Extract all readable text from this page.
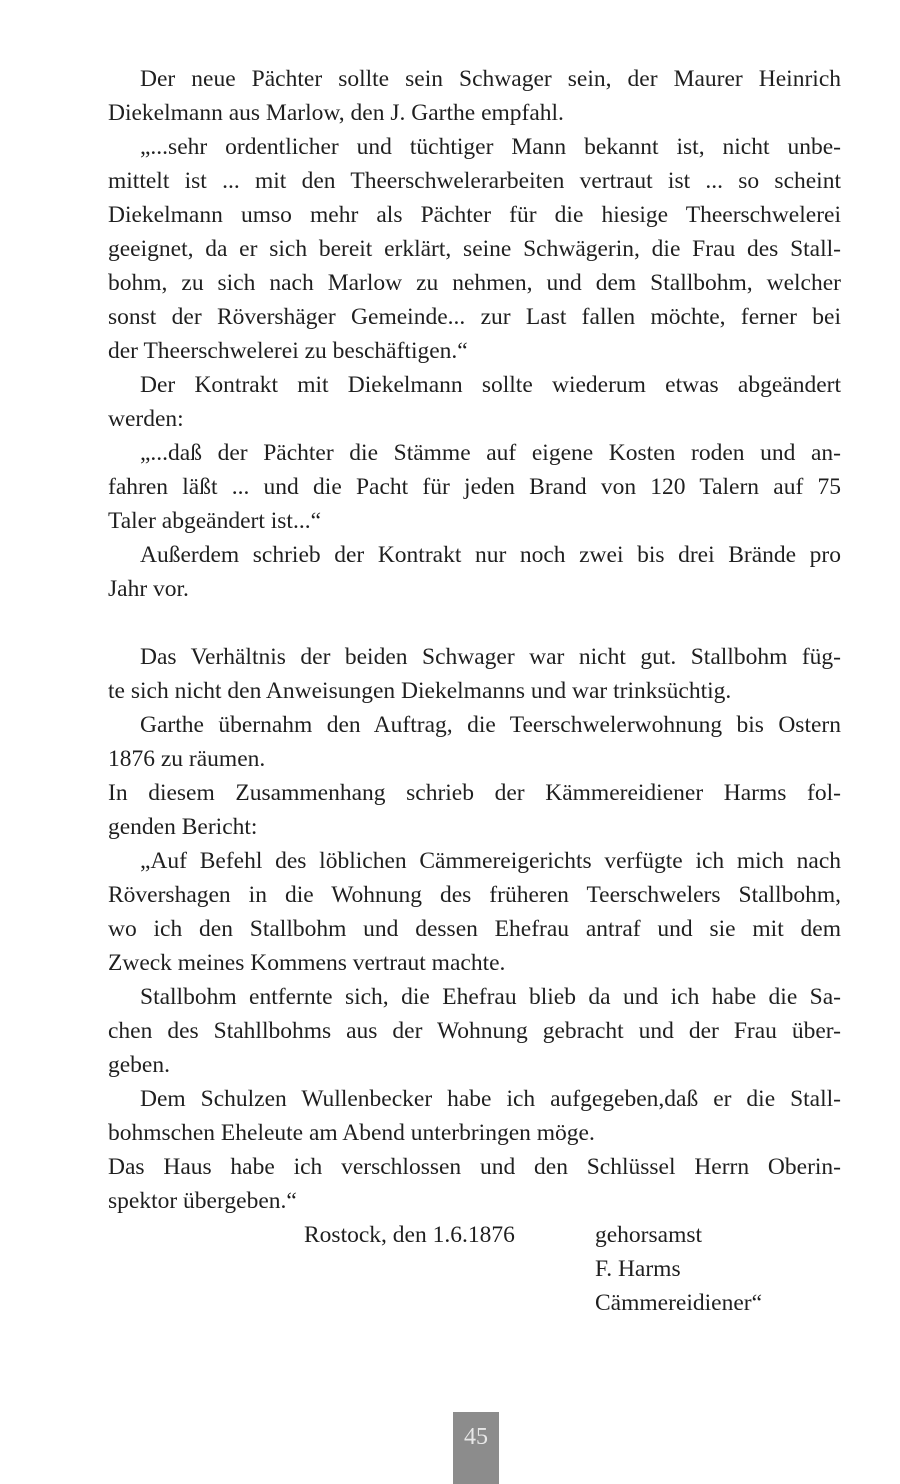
Der neue Pächter sollte sein Schwager sein, der Maurer Heinrich

Diekelmann aus Marlow, den J. Garthe empfahl.

„...sehr ordentlicher und tüchtiger Mann bekannt ist, nicht unbe-

mittelt ist ... mit den Theerschwelerarbeiten vertraut ist ... so scheint

Diekelmann umso mehr als Pächter für die hiesige Theerschwelerei

geeignet, da er sich bereit erklärt, seine Schwägerin, die Frau des Stall-

bohm, zu sich nach Marlow zu nehmen, und dem Stallbohm, welcher

sonst der Rövershäger Gemeinde... zur Last fallen möchte, ferner bei

der Theerschwelerei zu beschäftigen.“

Der Kontrakt mit Diekelmann sollte wiederum etwas abgeändert

werden:

„...daß der Pächter die Stämme auf eigene Kosten roden und an-

fahren läßt ... und die Pacht für jeden Brand von 120 Talern auf 75

Taler abgeändert ist...“

Außerdem schrieb der Kontrakt nur noch zwei bis drei Brände pro

Jahr vor.

Das Verhältnis der beiden Schwager war nicht gut. Stallbohm füg-

te sich nicht den Anweisungen Diekelmanns und war trinksüchtig.

Garthe übernahm den Auftrag, die Teerschwelerwohnung bis Ostern

1876 zu räumen.

In diesem Zusammenhang schrieb der Kämmereidiener Harms fol-

genden Bericht:

„Auf Befehl des löblichen Cämmereigerichts verfügte ich mich nach

Rövershagen in die Wohnung des früheren Teerschwelers Stallbohm,

wo ich den Stallbohm und dessen Ehefrau antraf und sie mit dem

Zweck meines Kommens vertraut machte.

Stallbohm entfernte sich, die Ehefrau blieb da und ich habe die Sa-

chen des Stahllbohms aus der Wohnung gebracht und der Frau über-

geben.

Dem Schulzen Wullenbecker habe ich aufgegeben,daß er die Stall-

bohmschen Eheleute am Abend unterbringen möge.

Das Haus habe ich verschlossen und den Schlüssel Herrn Oberin-

spektor übergeben.“

Rostock, den 1.6.1876	gehorsamst
F. Harms
Cämmereidiener“
45
